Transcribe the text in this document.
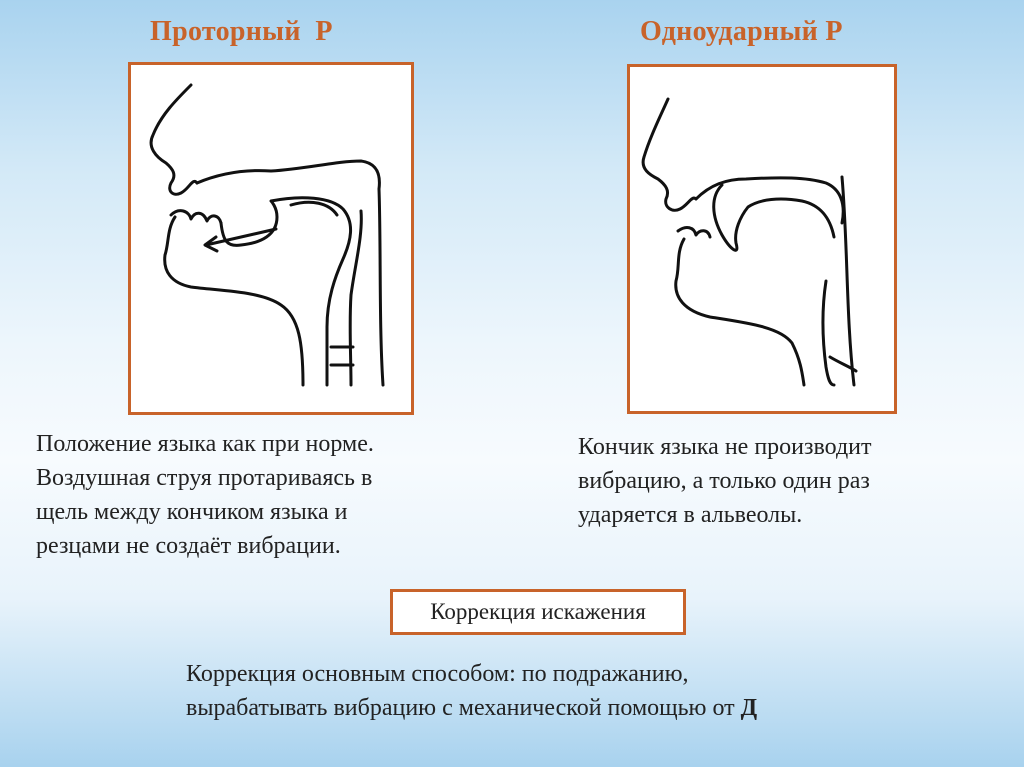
Проторный  Р	Одноударный Р
Положение языка как при норме.
Воздушная струя протариваясь в
щель между кончиком языка и
резцами не создаёт вибрации.
Кончик языка не производит
вибрацию, а только один раз
ударяется в альвеолы.
Коррекция искажения
Коррекция основным способом: по подражанию,
вырабатывать вибрацию с механической помощью от Д
